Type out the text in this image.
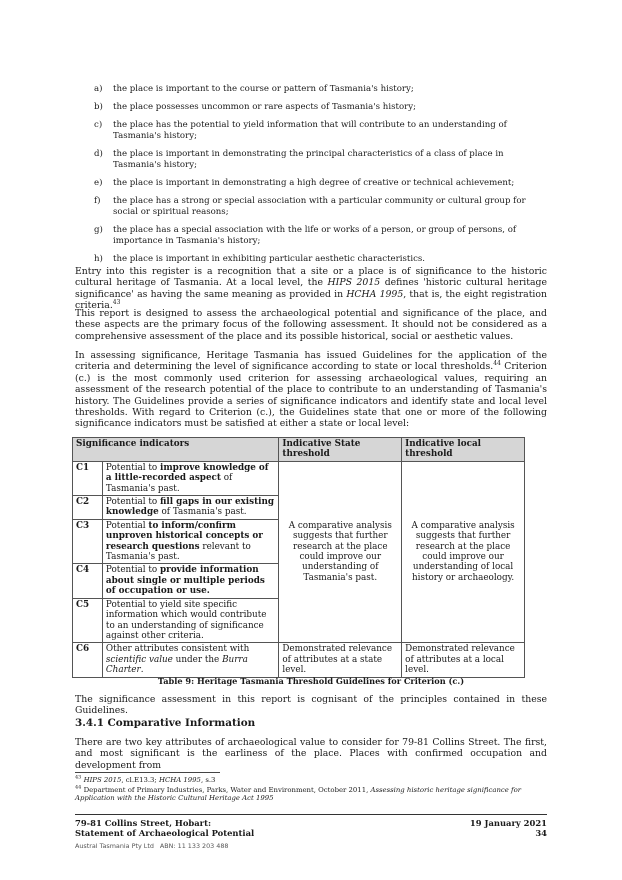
a)	the place is important to the course or pattern of Tasmania's history;
b)	the place possesses uncommon or rare aspects of Tasmania's history;
c)	the place has the potential to yield information that will contribute to an understanding of Tasmania's history;
d)	the place is important in demonstrating the principal characteristics of a class of place in Tasmania's history;
e)	the place is important in demonstrating a high degree of creative or technical achievement;
f)	the place has a strong or special association with a particular community or cultural group for social or spiritual reasons;
g)	the place has a special association with the life or works of a person, or group of persons, of importance in Tasmania's history;
h)	the place is important in exhibiting particular aesthetic characteristics.

Entry into this register is a recognition that a site or a place is of significance to the historic cultural heritage of Tasmania. At a local level, the HIPS 2015 defines 'historic cultural heritage significance' as having the same meaning as provided in HCHA 1995, that is, the eight registration criteria.$^{43}$

This report is designed to assess the archaeological potential and significance of the place, and these aspects are the primary focus of the following assessment. It should not be considered as a comprehensive assessment of the place and its possible historical, social or aesthetic values.

In assessing significance, Heritage Tasmania has issued Guidelines for the application of the criteria and determining the level of significance according to state or local thresholds.$^{44}$ Criterion (c.) is the most commonly used criterion for assessing archaeological values, requiring an assessment of the research potential of the place to contribute to an understanding of Tasmania's history. The Guidelines provide a series of significance indicators and identify state and local level thresholds. With regard to Criterion (c.), the Guidelines state that one or more of the following significance indicators must be satisfied at either a state or local level:

Significance indicators		Indicative State threshold	Indicative local threshold
C1	Potential to improve knowledge of a little-recorded aspect of Tasmania's past.	A comparative analysis suggests that further research at the place could improve our understanding of Tasmania's past.	A comparative analysis suggests that further research at the place could improve our understanding of local history or archaeology.
C2	Potential to fill gaps in our existing knowledge of Tasmania's past.		
C3	Potential to inform/confirm unproven historical concepts or research questions relevant to Tasmania's past.		
C4	Potential to provide information about single or multiple periods of occupation or use.		
C5	Potential to yield site specific information which would contribute to an understanding of significance against other criteria.		
C6	Other attributes consistent with scientific value under the Burra Charter.	Demonstrated relevance of attributes at a state level.	Demonstrated relevance of attributes at a local level.
Table 9: Heritage Tasmania Threshold Guidelines for Criterion (c.)

The significance assessment in this report is cognisant of the principles contained in these Guidelines.

3.4.1 Comparative Information

There are two key attributes of archaeological value to consider for 79-81 Collins Street. The first, and most significant is the earliness of the place. Places with confirmed occupation and development from

$^{43}$ HIPS 2015, cl.E13.3; HCHA 1995, s.3
$^{44}$ Department of Primary Industries, Parks, Water and Environment, October 2011, Assessing historic heritage significance for Application with the Historic Cultural Heritage Act 1995
79-81 Collins Street, Hobart:
Statement of Archaeological Potential
19 January 2021
34
Austral Tasmania Pty Ltd ABN: 11 133 203 488
